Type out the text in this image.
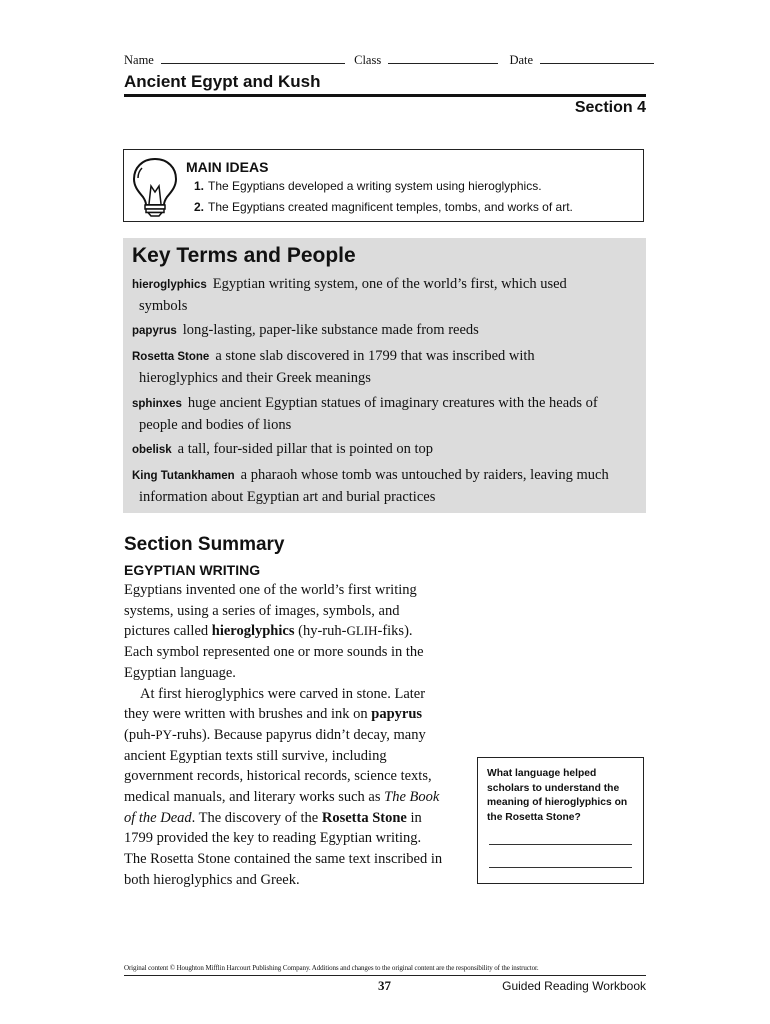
Name	Class	Date
Ancient Egypt and Kush
Section 4
MAIN IDEAS
1. The Egyptians developed a writing system using hieroglyphics.
2. The Egyptians created magnificent temples, tombs, and works of art.
Key Terms and People
hieroglyphics Egyptian writing system, one of the world’s first, which used
symbols
papyrus long-lasting, paper-like substance made from reeds
Rosetta Stone a stone slab discovered in 1799 that was inscribed with
hieroglyphics and their Greek meanings
sphinxes huge ancient Egyptian statues of imaginary creatures with the heads of
people and bodies of lions
obelisk a tall, four-sided pillar that is pointed on top
King Tutankhamen a pharaoh whose tomb was untouched by raiders, leaving much
information about Egyptian art and burial practices
Section Summary
EGYPTIAN WRITING

Egyptians invented one of the world’s first writing systems, using a series of images, symbols, and pictures called hieroglyphics (hy-ruh-GLIH-fiks). Each symbol represented one or more sounds in the Egyptian language.

At first hieroglyphics were carved in stone. Later they were written with brushes and ink on papyrus (puh-PY-ruhs). Because papyrus didn’t decay, many ancient Egyptian texts still survive, including government records, historical records, science texts, medical manuals, and literary works such as The Book of the Dead. The discovery of the Rosetta Stone in 1799 provided the key to reading Egyptian writing. The Rosetta Stone contained the same text inscribed in both hieroglyphics and Greek.

What language helped scholars to understand the meaning of hieroglyphics on the Rosetta Stone?
Original content © Houghton Mifflin Harcourt Publishing Company. Additions and changes to the original content are the responsibility of the instructor.
37	Guided Reading Workbook
